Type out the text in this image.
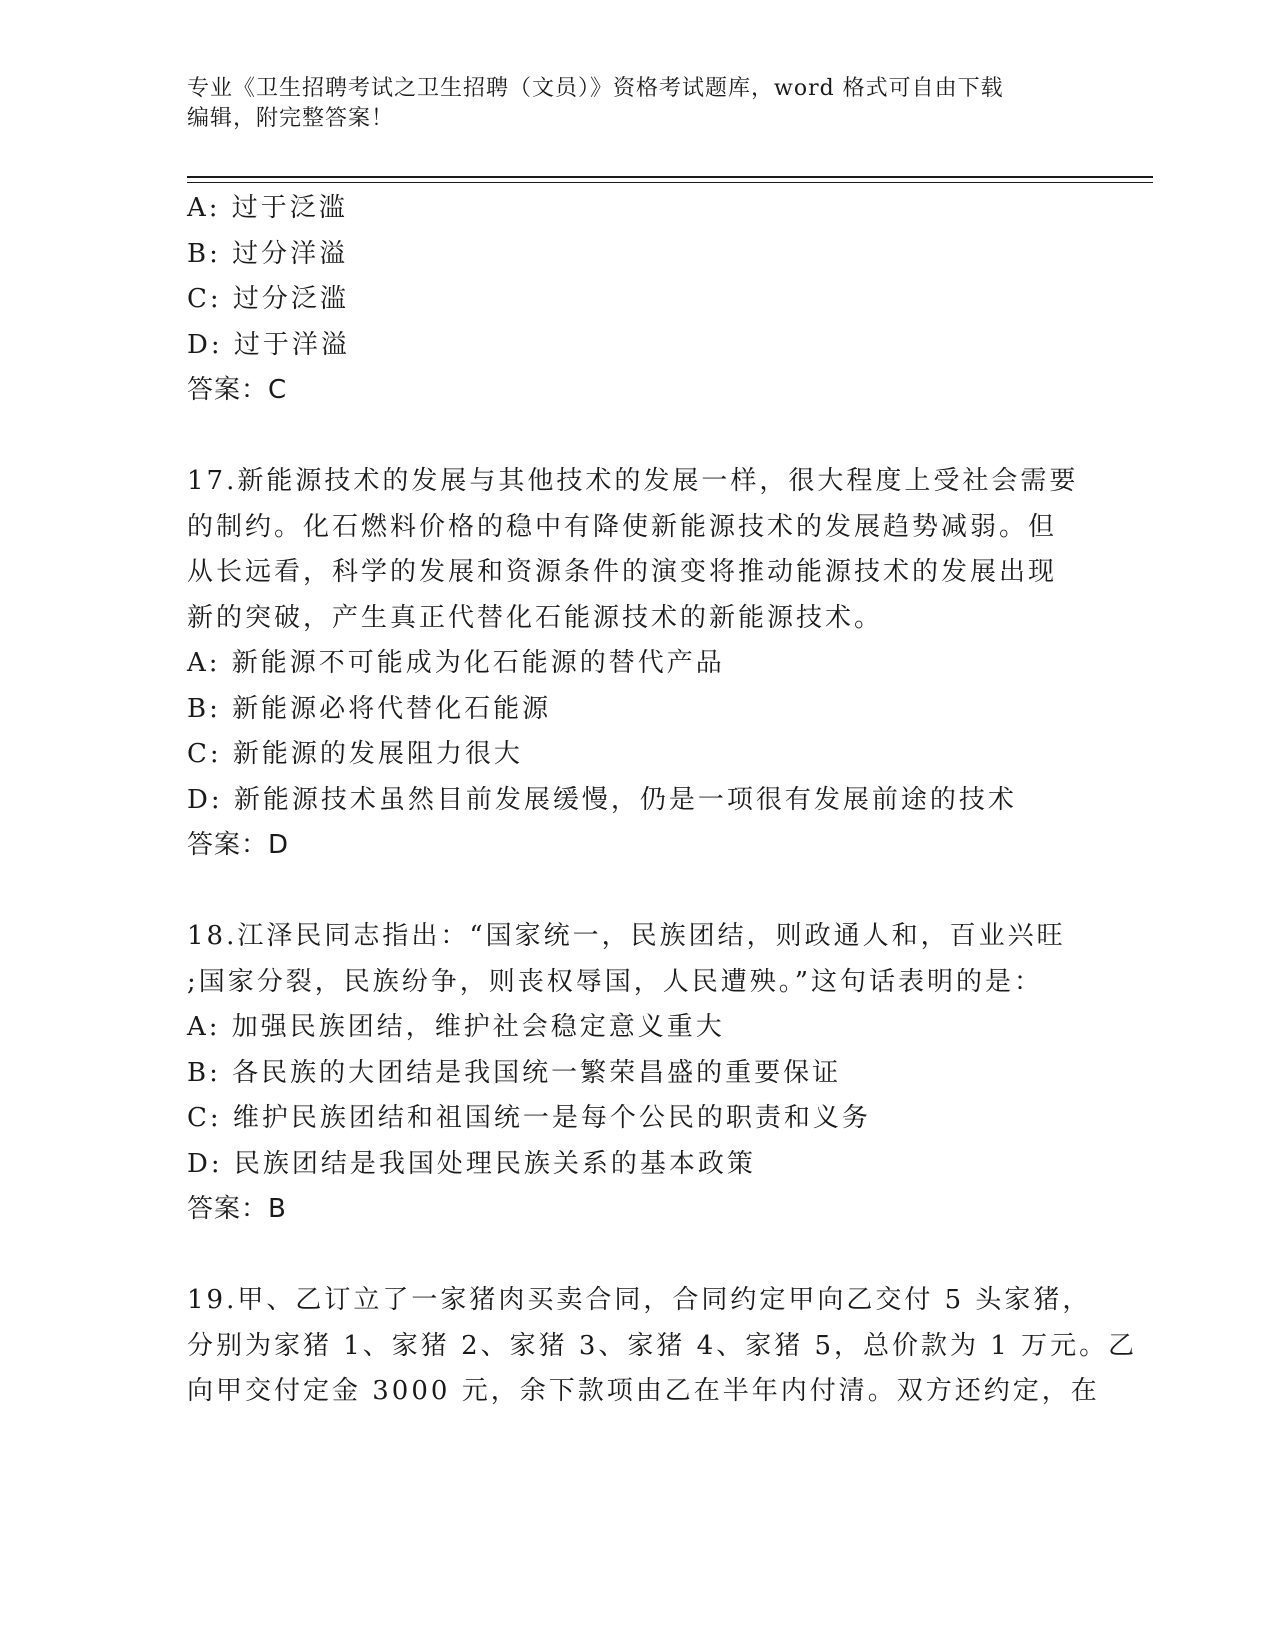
专业《卫生招聘考试之卫生招聘（文员）》资格考试题库，word 格式可自由下载
编辑，附完整答案！
A: 过于泛滥
B: 过分洋溢
C: 过分泛滥
D: 过于洋溢
答案：C
17.新能源技术的发展与其他技术的发展一样，很大程度上受社会需要
的制约。化石燃料价格的稳中有降使新能源技术的发展趋势减弱。但
从长远看，科学的发展和资源条件的演变将推动能源技术的发展出现
新的突破，产生真正代替化石能源技术的新能源技术。
A: 新能源不可能成为化石能源的替代产品
B: 新能源必将代替化石能源
C: 新能源的发展阻力很大
D: 新能源技术虽然目前发展缓慢，仍是一项很有发展前途的技术
答案：D
18.江泽民同志指出：“国家统一，民族团结，则政通人和，百业兴旺
;国家分裂，民族纷争，则丧权辱国，人民遭殃。”这句话表明的是：
A: 加强民族团结，维护社会稳定意义重大
B: 各民族的大团结是我国统一繁荣昌盛的重要保证
C: 维护民族团结和祖国统一是每个公民的职责和义务
D: 民族团结是我国处理民族关系的基本政策
答案：B
19.甲、乙订立了一家猪肉买卖合同，合同约定甲向乙交付 5 头家猪，
分别为家猪 1、家猪 2、家猪 3、家猪 4、家猪 5，总价款为 1 万元。乙
向甲交付定金 3000 元，余下款项由乙在半年内付清。双方还约定，在
